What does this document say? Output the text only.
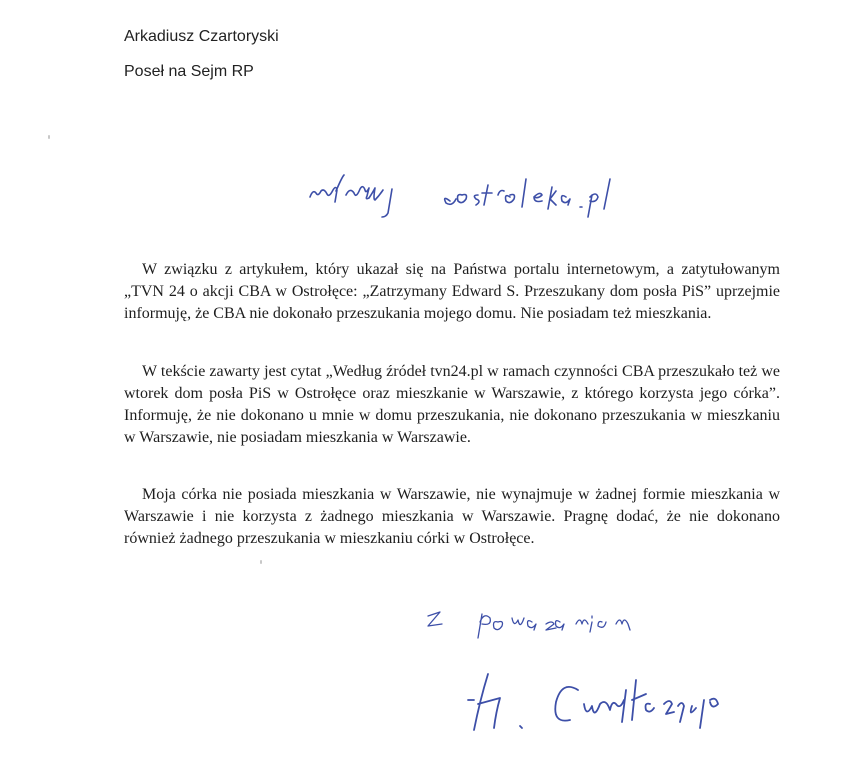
Arkadiusz Czartoryski
Poseł na Sejm RP

W związku z artykułem, który ukazał się na Państwa portalu internetowym, a zatytułowanym „TVN 24 o akcji CBA w Ostrołęce: „Zatrzymany Edward S. Przeszukany dom posła PiS” uprzejmie informuję, że CBA nie dokonało przeszukania mojego domu. Nie posiadam też mieszkania.

W tekście zawarty jest cytat „Według źródeł tvn24.pl w ramach czynności CBA przeszukało też we wtorek dom posła PiS w Ostrołęce oraz mieszkanie w Warszawie, z którego korzysta jego córka”. Informuję, że nie dokonano u mnie w domu przeszukania, nie dokonano przeszukania w mieszkaniu w Warszawie, nie posiadam mieszkania w Warszawie.

Moja córka nie posiada mieszkania w Warszawie, nie wynajmuje w żadnej formie mieszkania w Warszawie i nie korzysta z żadnego mieszkania w Warszawie. Pragnę dodać, że nie dokonano również żadnego przeszukania w mieszkaniu córki w Ostrołęce.
